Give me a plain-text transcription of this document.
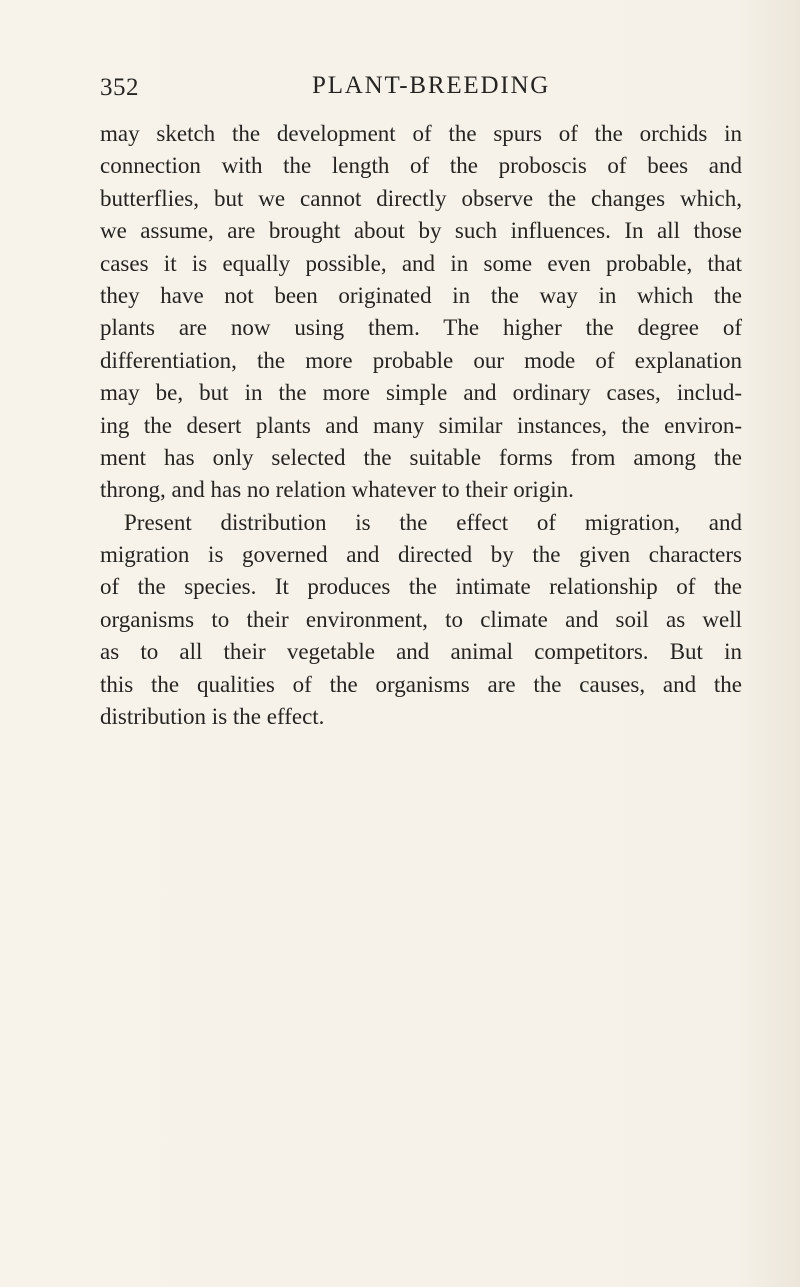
352	PLANT-BREEDING
may sketch the development of the spurs of the orchids in
connection with the length of the proboscis of bees and
butterflies, but we cannot directly observe the changes which,
we assume, are brought about by such influences. In all those
cases it is equally possible, and in some even probable, that
they have not been originated in the way in which the
plants are now using them. The higher the degree of
differentiation, the more probable our mode of explanation
may be, but in the more simple and ordinary cases, includ-
ing the desert plants and many similar instances, the environ-
ment has only selected the suitable forms from among the
throng, and has no relation whatever to their origin.
Present distribution is the effect of migration, and
migration is governed and directed by the given characters
of the species. It produces the intimate relationship of the
organisms to their environment, to climate and soil as well
as to all their vegetable and animal competitors. But in
this the qualities of the organisms are the causes, and the
distribution is the effect.
